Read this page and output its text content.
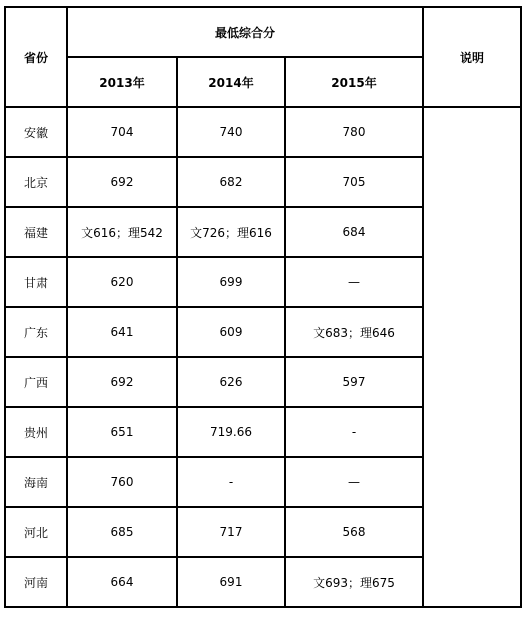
省份	最低综合分			说明
	2013年	2014年	2015年	
安徽	704	740	780	
北京	692	682	705	
福建	文616；理542	文726；理616	684	
甘肃	620	699	—	
广东	641	609	文683；理646	
广西	692	626	597	
贵州	651	719.66	-	
海南	760	-	—	
河北	685	717	568	
河南	664	691	文693；理675	
